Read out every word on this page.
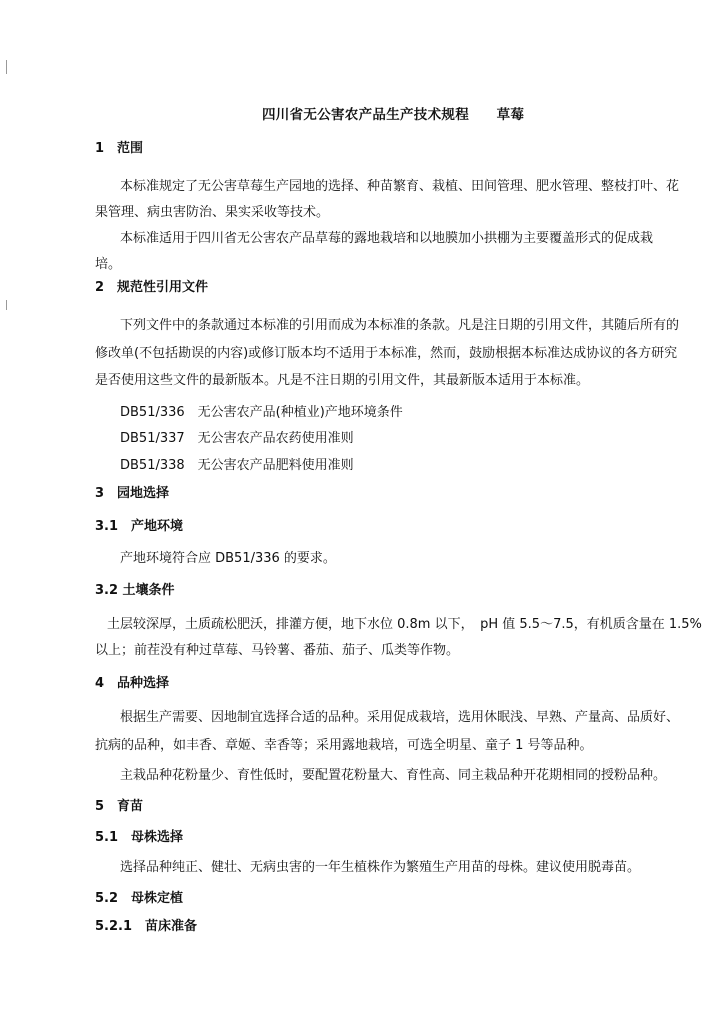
四川省无公害农产品生产技术规程　　草莓
1　范围
本标准规定了无公害草莓生产园地的选择、种苗繁育、栽植、田间管理、肥水管理、整枝打叶、花
果管理、病虫害防治、果实采收等技术。
本标准适用于四川省无公害农产品草莓的露地栽培和以地膜加小拱棚为主要覆盖形式的促成栽
培。
2　规范性引用文件
下列文件中的条款通过本标准的引用而成为本标准的条款。凡是注日期的引用文件，其随后所有的
修改单(不包括勘误的内容)或修订版本均不适用于本标准，然而，鼓励根据本标准达成协议的各方研究
是否使用这些文件的最新版本。凡是不注日期的引用文件，其最新版本适用于本标准。
DB51/336　无公害农产品(种植业)产地环境条件
DB51/337　无公害农产品农药使用准则
DB51/338　无公害农产品肥料使用准则
3　园地选择
3.1　产地环境
产地环境符合应 DB51/336 的要求。
3.2 土壤条件
土层较深厚，土质疏松肥沃，排灌方便，地下水位 0.8m 以下，　pH 值 5.5～7.5，有机质含量在 1.5%
以上；前茬没有种过草莓、马铃薯、番茄、茄子、瓜类等作物。
4　品种选择
根据生产需要、因地制宜选择合适的品种。采用促成栽培，选用休眠浅、早熟、产量高、品质好、
抗病的品种，如丰香、章姬、幸香等；采用露地栽培，可选全明星、童子 1 号等品种。
主栽品种花粉量少、育性低时，要配置花粉量大、育性高、同主栽品种开花期相同的授粉品种。
5　育苗
5.1　母株选择
选择品种纯正、健壮、无病虫害的一年生植株作为繁殖生产用苗的母株。建议使用脱毒苗。
5.2　母株定植
5.2.1　苗床准备
